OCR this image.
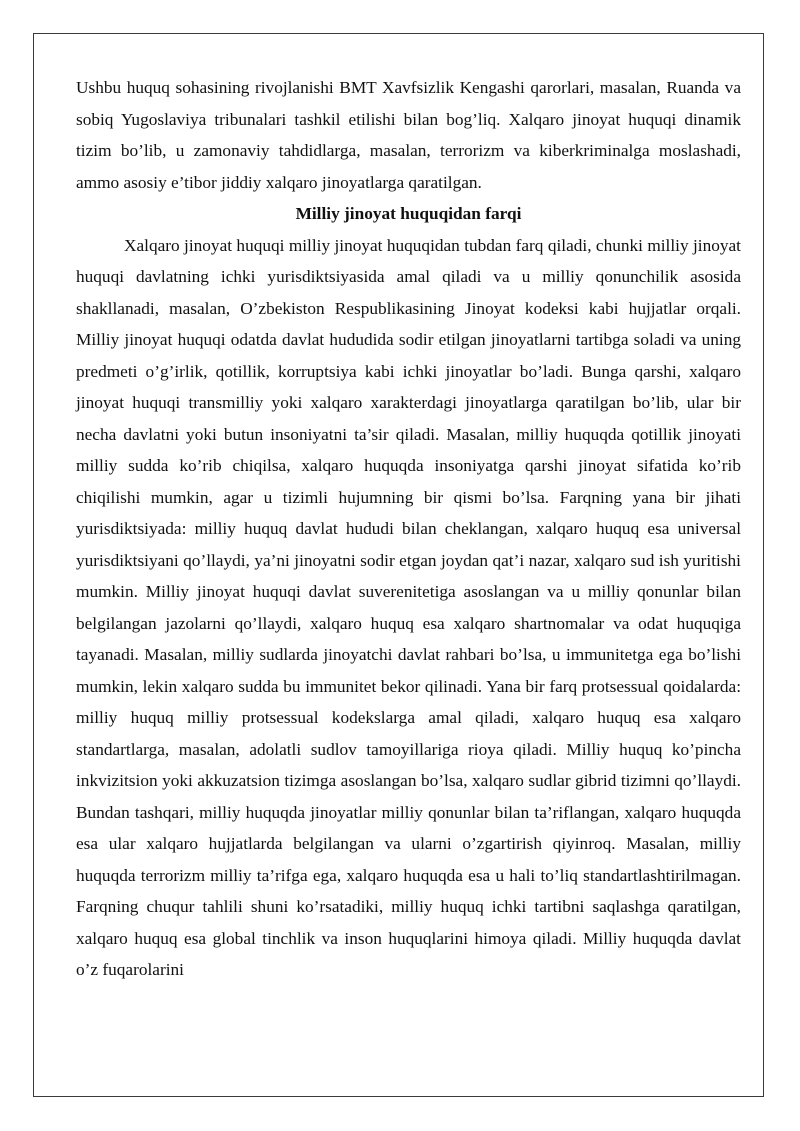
Ushbu huquq sohasining rivojlanishi BMT Xavfsizlik Kengashi qarorlari, masalan, Ruanda va sobiq Yugoslaviya tribunalari tashkil etilishi bilan bog’liq. Xalqaro jinoyat huquqi dinamik tizim bo’lib, u zamonaviy tahdidlarga, masalan, terrorizm va kiberkriminalga moslashadi, ammo asosiy e’tibor jiddiy xalqaro jinoyatlarga qaratilgan.

Milliy jinoyat huquqidan farqi

Xalqaro jinoyat huquqi milliy jinoyat huquqidan tubdan farq qiladi, chunki milliy jinoyat huquqi davlatning ichki yurisdiktsiyasida amal qiladi va u milliy qonunchilik asosida shakllanadi, masalan, O’zbekiston Respublikasining Jinoyat kodeksi kabi hujjatlar orqali. Milliy jinoyat huquqi odatda davlat hududida sodir etilgan jinoyatlarni tartibga soladi va uning predmeti o’g’irlik, qotillik, korruptsiya kabi ichki jinoyatlar bo’ladi. Bunga qarshi, xalqaro jinoyat huquqi transmilliy yoki xalqaro xarakterdagi jinoyatlarga qaratilgan bo’lib, ular bir necha davlatni yoki butun insoniyatni ta’sir qiladi. Masalan, milliy huquqda qotillik jinoyati milliy sudda ko’rib chiqilsa, xalqaro huquqda insoniyatga qarshi jinoyat sifatida ko’rib chiqilishi mumkin, agar u tizimli hujumning bir qismi bo’lsa. Farqning yana bir jihati yurisdiktsiyada: milliy huquq davlat hududi bilan cheklangan, xalqaro huquq esa universal yurisdiktsiyani qo’llaydi, ya’ni jinoyatni sodir etgan joydan qat’i nazar, xalqaro sud ish yuritishi mumkin. Milliy jinoyat huquqi davlat suverenitetiga asoslangan va u milliy qonunlar bilan belgilangan jazolarni qo’llaydi, xalqaro huquq esa xalqaro shartnomalar va odat huquqiga tayanadi. Masalan, milliy sudlarda jinoyatchi davlat rahbari bo’lsa, u immunitetga ega bo’lishi mumkin, lekin xalqaro sudda bu immunitet bekor qilinadi. Yana bir farq protsessual qoidalarda: milliy huquq milliy protsessual kodekslarga amal qiladi, xalqaro huquq esa xalqaro standartlarga, masalan, adolatli sudlov tamoyillariga rioya qiladi. Milliy huquq ko’pincha inkvizitsion yoki akkuzatsion tizimga asoslangan bo’lsa, xalqaro sudlar gibrid tizimni qo’llaydi. Bundan tashqari, milliy huquqda jinoyatlar milliy qonunlar bilan ta’riflangan, xalqaro huquqda esa ular xalqaro hujjatlarda belgilangan va ularni o’zgartirish qiyinroq. Masalan, milliy huquqda terrorizm milliy ta’rifga ega, xalqaro huquqda esa u hali to’liq standartlashtirilmagan. Farqning chuqur tahlili shuni ko’rsatadiki, milliy huquq ichki tartibni saqlashga qaratilgan, xalqaro huquq esa global tinchlik va inson huquqlarini himoya qiladi. Milliy huquqda davlat o’z fuqarolarini
